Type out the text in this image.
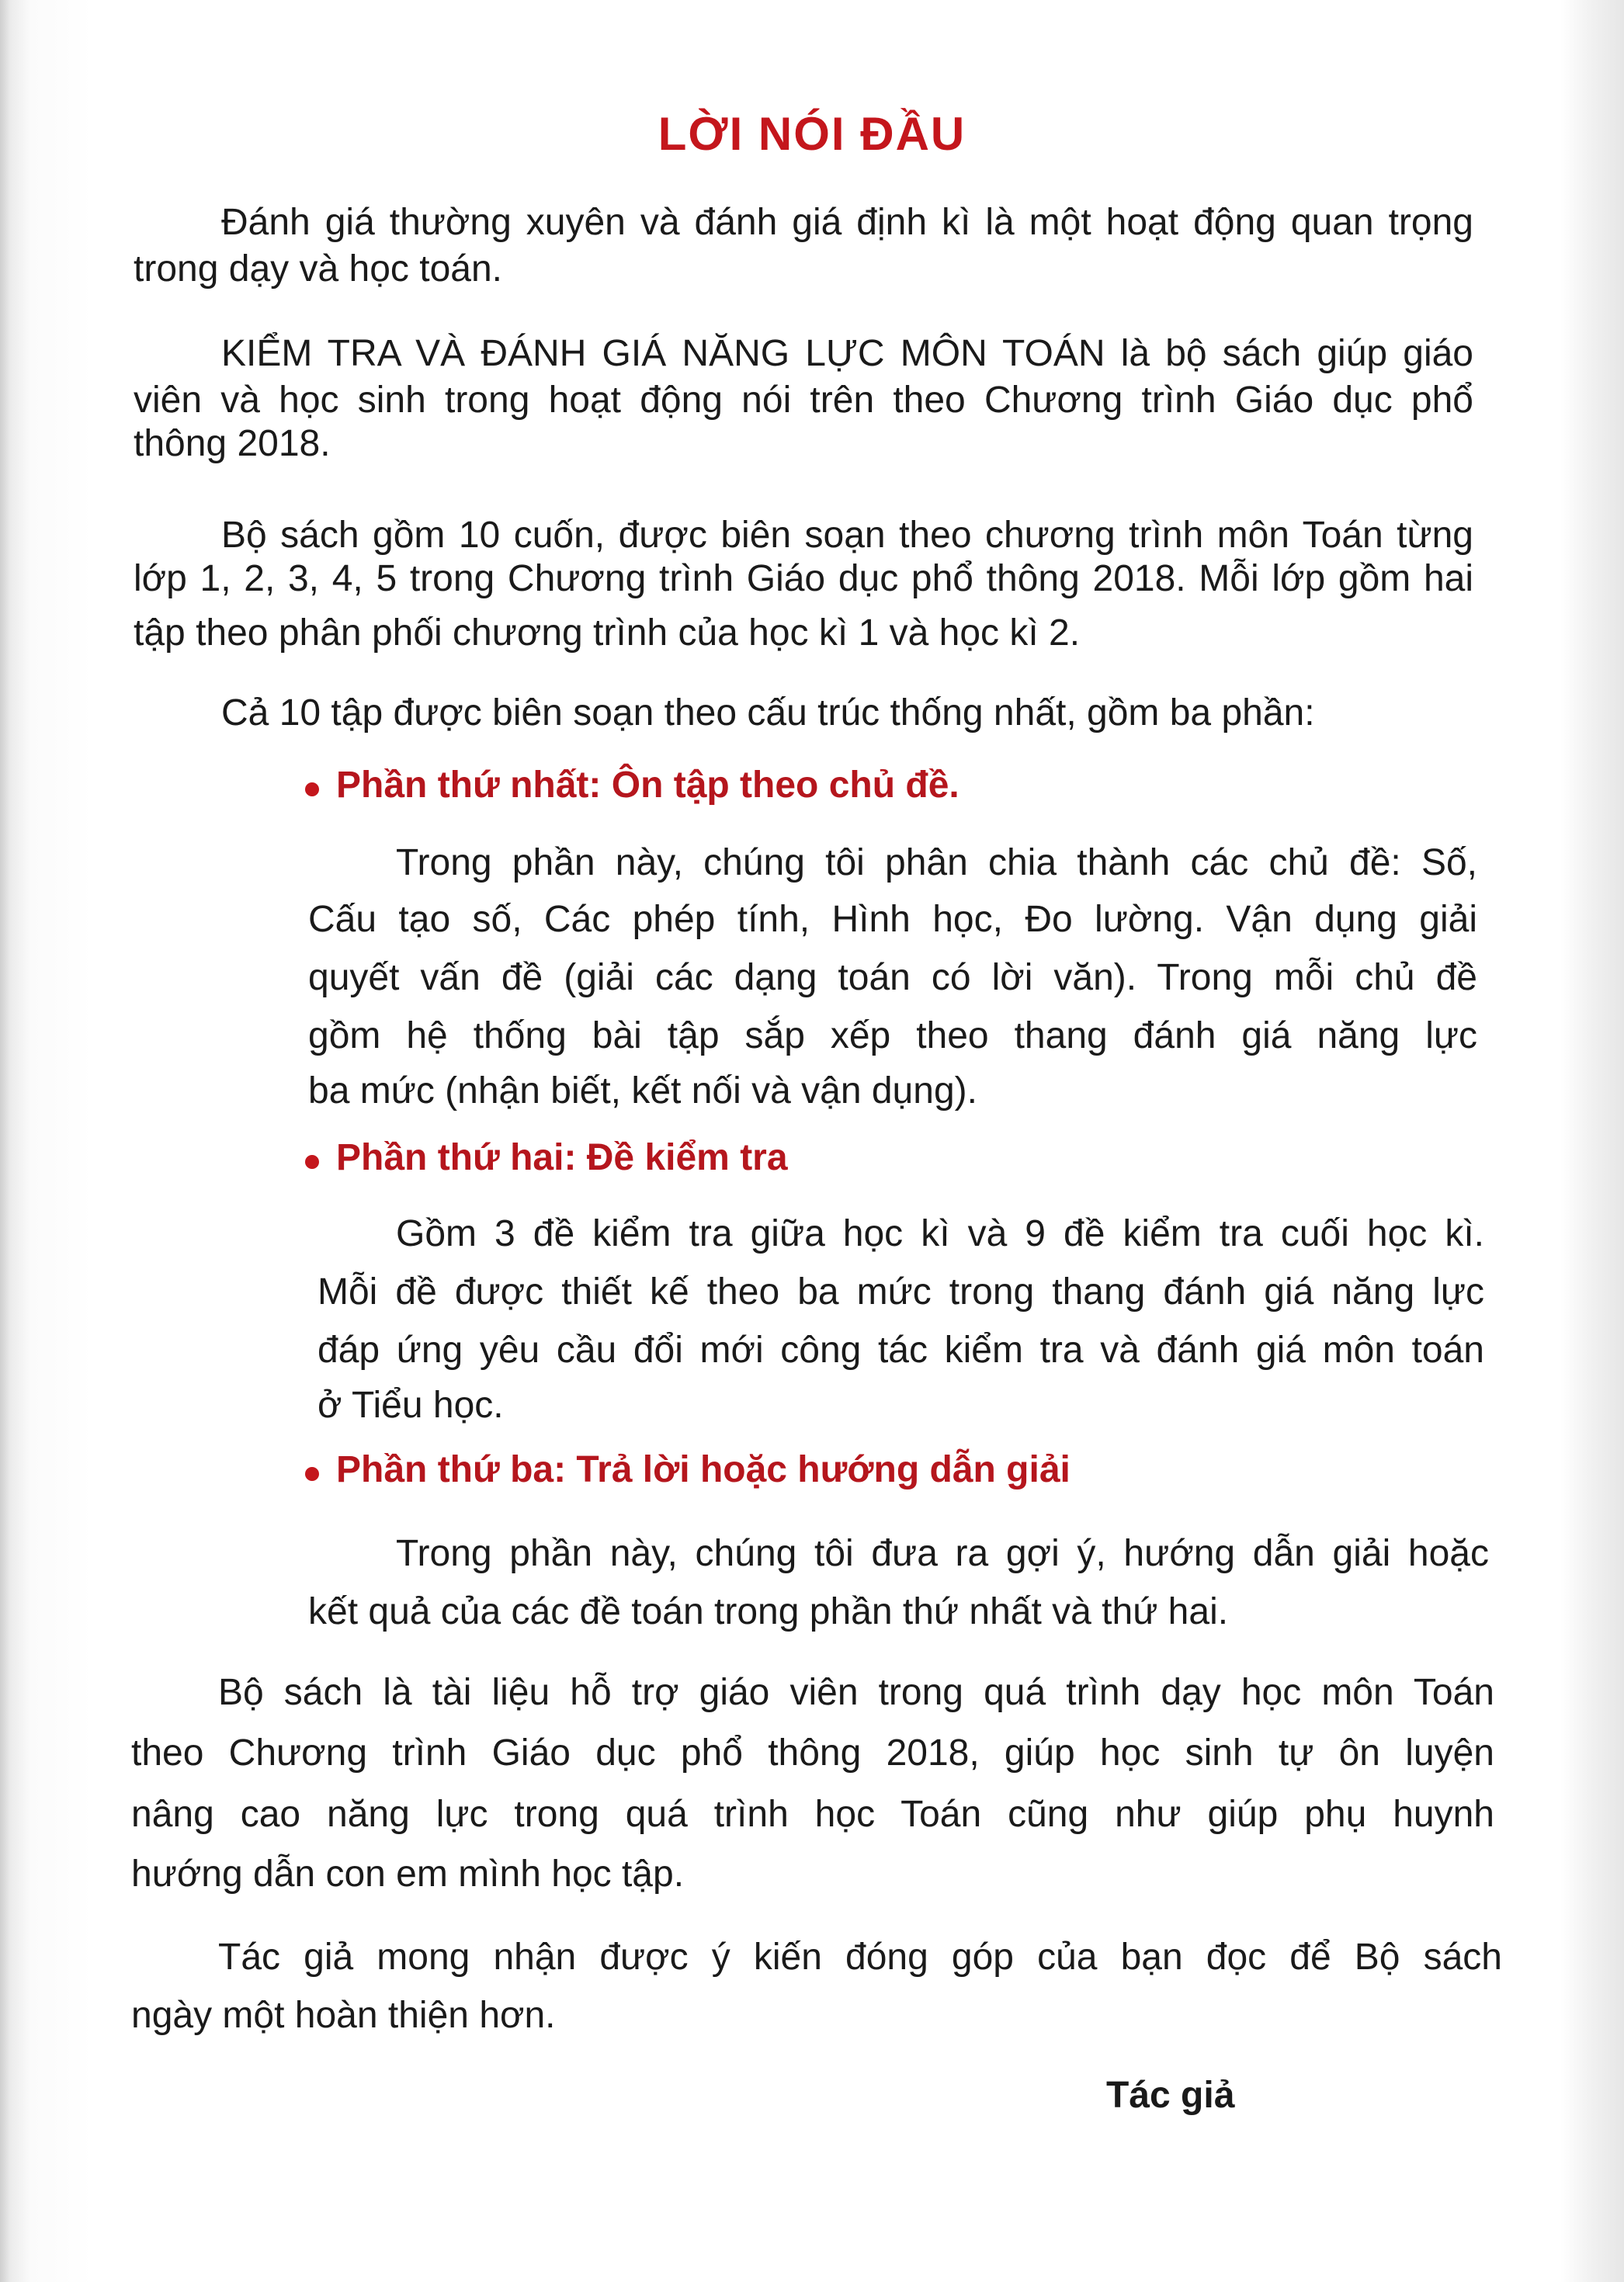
LỜI NÓI ĐẦU
Đánh giá thường xuyên và đánh giá định kì là một hoạt động quan trọng
trong dạy và học toán.
KIỂM TRA VÀ ĐÁNH GIÁ NĂNG LỰC MÔN TOÁN là bộ sách giúp giáo
viên và học sinh trong hoạt động nói trên theo Chương trình Giáo dục phổ
thông 2018.
Bộ sách gồm 10 cuốn, được biên soạn theo chương trình môn Toán từng
lớp 1, 2, 3, 4, 5 trong Chương trình Giáo dục phổ thông 2018. Mỗi lớp gồm hai
tập theo phân phối chương trình của học kì 1 và học kì 2.
Cả 10 tập được biên soạn theo cấu trúc thống nhất, gồm ba phần:
Phần thứ nhất: Ôn tập theo chủ đề.
Trong phần này, chúng tôi phân chia thành các chủ đề: Số,
Cấu tạo số, Các phép tính, Hình học, Đo lường. Vận dụng giải
quyết vấn đề (giải các dạng toán có lời văn). Trong mỗi chủ đề
gồm hệ thống bài tập sắp xếp theo thang đánh giá năng lực
ba mức (nhận biết, kết nối và vận dụng).
Phần thứ hai: Đề kiểm tra
Gồm 3 đề kiểm tra giữa học kì và 9 đề kiểm tra cuối học kì.
Mỗi đề được thiết kế theo ba mức trong thang đánh giá năng lực
đáp ứng yêu cầu đổi mới công tác kiểm tra và đánh giá môn toán
ở Tiểu học.
Phần thứ ba: Trả lời hoặc hướng dẫn giải
Trong phần này, chúng tôi đưa ra gợi ý, hướng dẫn giải hoặc
kết quả của các đề toán trong phần thứ nhất và thứ hai.
Bộ sách là tài liệu hỗ trợ giáo viên trong quá trình dạy học môn Toán
theo Chương trình Giáo dục phổ thông 2018, giúp học sinh tự ôn luyện
nâng cao năng lực trong quá trình học Toán cũng như giúp phụ huynh
hướng dẫn con em mình học tập.
Tác giả mong nhận được ý kiến đóng góp của bạn đọc để Bộ sách
ngày một hoàn thiện hơn.
Tác giả
